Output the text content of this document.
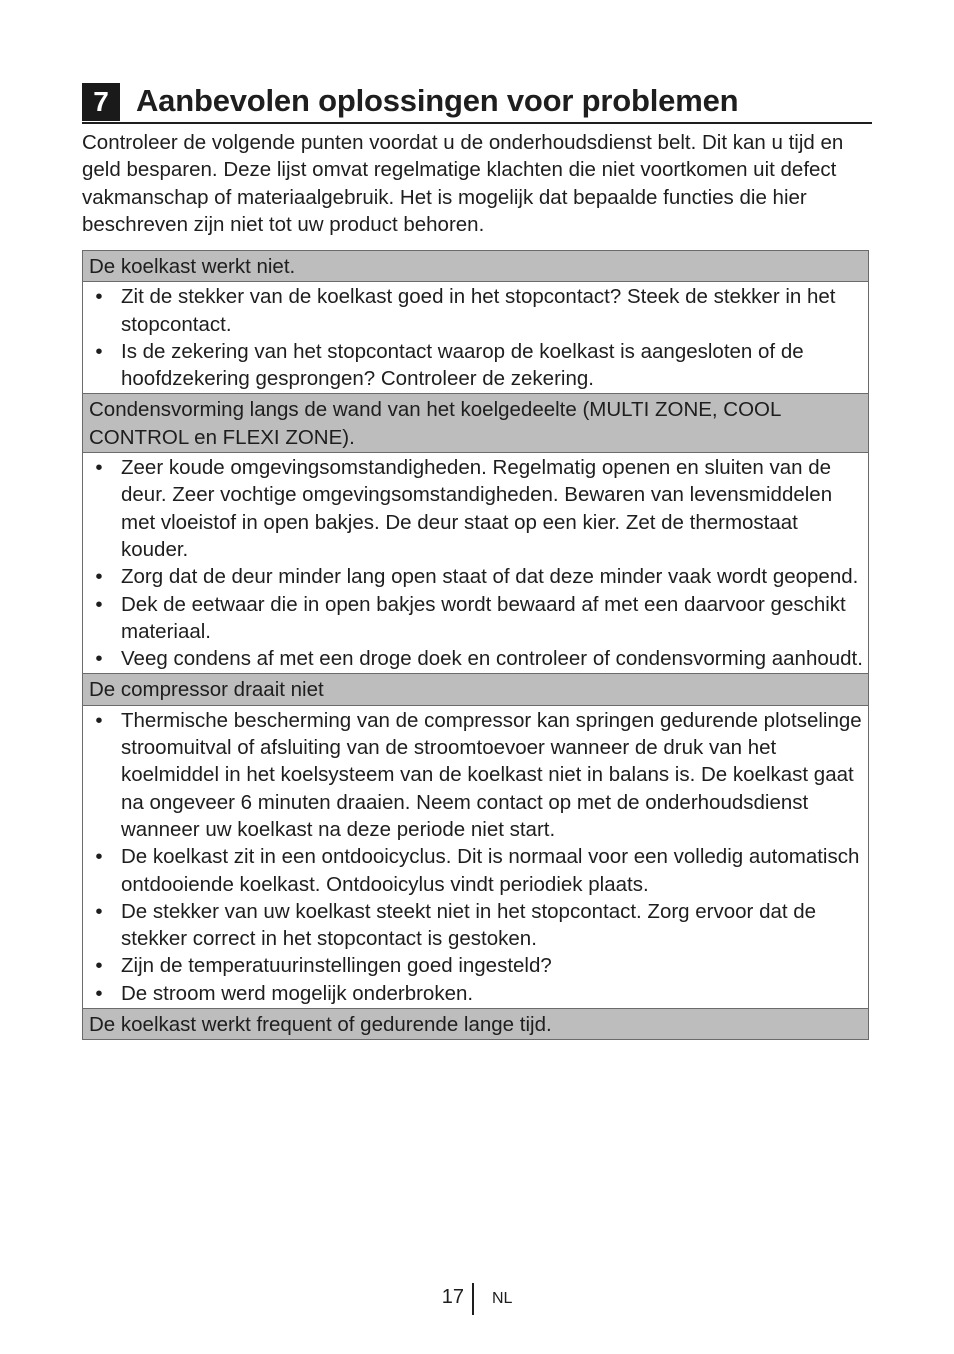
7 Aanbevolen oplossingen voor problemen

Controleer de volgende punten voordat u de onderhoudsdienst belt. Dit kan u tijd en geld besparen. Deze lijst omvat regelmatige klachten die niet voortkomen uit defect vakmanschap of materiaalgebruik. Het is mogelijk dat bepaalde functies die hier beschreven zijn niet tot uw product behoren.

De koelkast werkt niet.
• Zit de stekker van de koelkast goed in het stopcontact? Steek de stekker in het stopcontact.
• Is de zekering van het stopcontact waarop de koelkast is aangesloten of de hoofdzekering gesprongen? Controleer de zekering.
Condensvorming langs de wand van het koelgedeelte (MULTI ZONE, COOL CONTROL en FLEXI ZONE).
• Zeer koude omgevingsomstandigheden. Regelmatig openen en sluiten van de deur. Zeer vochtige omgevingsomstandigheden. Bewaren van levensmiddelen met vloeistof in open bakjes. De deur staat op een kier. Zet de thermostaat kouder.
• Zorg dat de deur minder lang open staat of dat deze minder vaak wordt geopend.
• Dek de eetwaar die in open bakjes wordt bewaard af met een daarvoor geschikt materiaal.
• Veeg condens af met een droge doek en controleer of condensvorming aanhoudt.
De compressor draait niet
• Thermische bescherming van de compressor kan springen gedurende plotselinge stroomuitval of afsluiting van de stroomtoevoer wanneer de druk van het koelmiddel in het koelsysteem van de koelkast niet in balans is. De koelkast gaat na ongeveer 6 minuten draaien. Neem contact op met de onderhoudsdienst wanneer uw koelkast na deze periode niet start.
• De koelkast zit in een ontdooicyclus. Dit is normaal voor een volledig automatisch ontdooiende koelkast. Ontdooicylus vindt periodiek plaats.
• De stekker van uw koelkast steekt niet in het stopcontact. Zorg ervoor dat de stekker correct in het stopcontact is gestoken.
• Zijn de temperatuurinstellingen goed ingesteld?
• De stroom werd mogelijk onderbroken.
De koelkast werkt frequent of gedurende lange tijd.
17 NL
